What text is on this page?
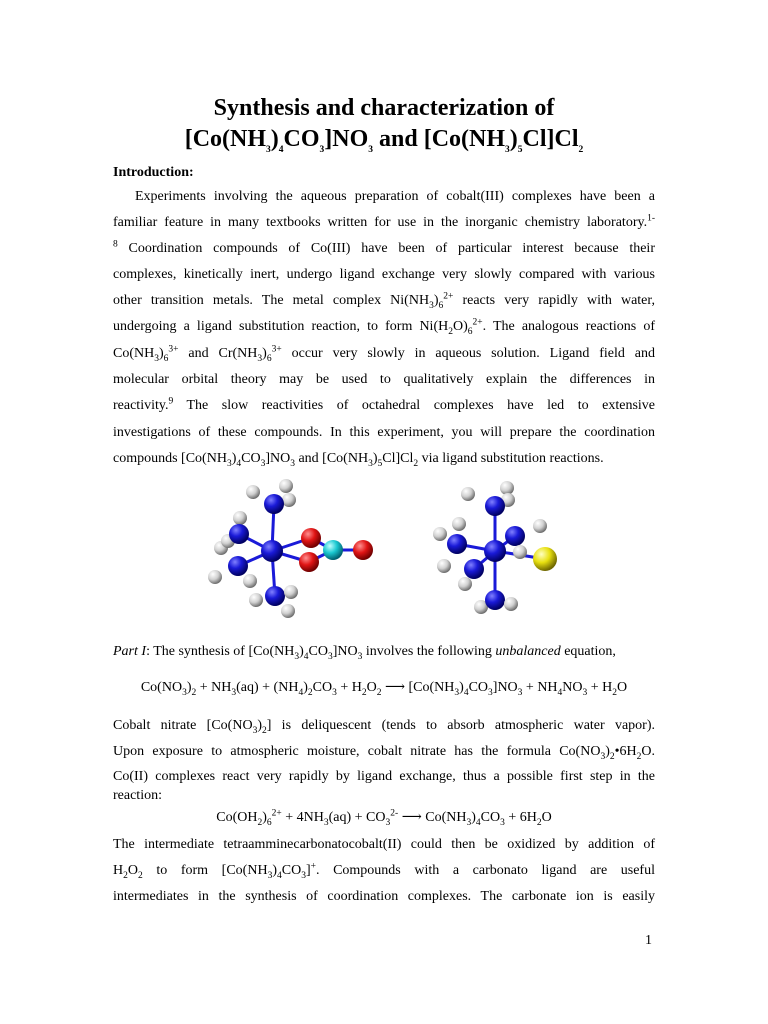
Synthesis and characterization of
$[Co(NH_3)_4CO_3]NO_3$ and $[Co(NH_3)_5Cl]Cl_2$
Introduction:
Experiments involving the aqueous preparation of cobalt(III) complexes have been a
familiar feature in many textbooks written for use in the inorganic chemistry laboratory.$^{1-}$
$^8$ Coordination compounds of Co(III) have been of particular interest because their
complexes, kinetically inert, undergo ligand exchange very slowly compared with various
other transition metals. The metal complex $Ni(NH_3)_6^{2+}$ reacts very rapidly with water,
undergoing a ligand substitution reaction, to form $Ni(H_2O)_6^{2+}$. The analogous reactions of
$Co(NH_3)_6^{3+}$ and $Cr(NH_3)_6^{3+}$ occur very slowly in aqueous solution. Ligand field and
molecular orbital theory may be used to qualitatively explain the differences in
reactivity.$^9$ The slow reactivities of octahedral complexes have led to extensive
investigations of these compounds. In this experiment, you will prepare the coordination
compounds $[Co(NH_3)_4CO_3]NO_3$ and $[Co(NH_3)_5Cl]Cl_2$ via ligand substitution reactions.
Part I: The synthesis of $[Co(NH_3)_4CO_3]NO_3$ involves the following unbalanced equation,
$Co(NO_3)_2 + NH_3(aq) + (NH_4)_2CO_3 + H_2O_2$ ⟶ $[Co(NH_3)_4CO_3]NO_3 + NH_4NO_3 + H_2O$
Cobalt nitrate $[Co(NO_3)_2]$ is deliquescent (tends to absorb atmospheric water vapor).
Upon exposure to atmospheric moisture, cobalt nitrate has the formula $Co(NO_3)_2•6H_2O$.
Co(II) complexes react very rapidly by ligand exchange, thus a possible first step in the
reaction:
$Co(OH_2)_6^{2+} + 4NH_3(aq) + CO_3^{2-}$ ⟶ $Co(NH_3)_4CO_3 + 6H_2O$
The intermediate tetraamminecarbonatocobalt(II) could then be oxidized by addition of
$H_2O_2$ to form $[Co(NH_3)_4CO_3]^+$. Compounds with a carbonato ligand are useful
intermediates in the synthesis of coordination complexes. The carbonate ion is easily
1
